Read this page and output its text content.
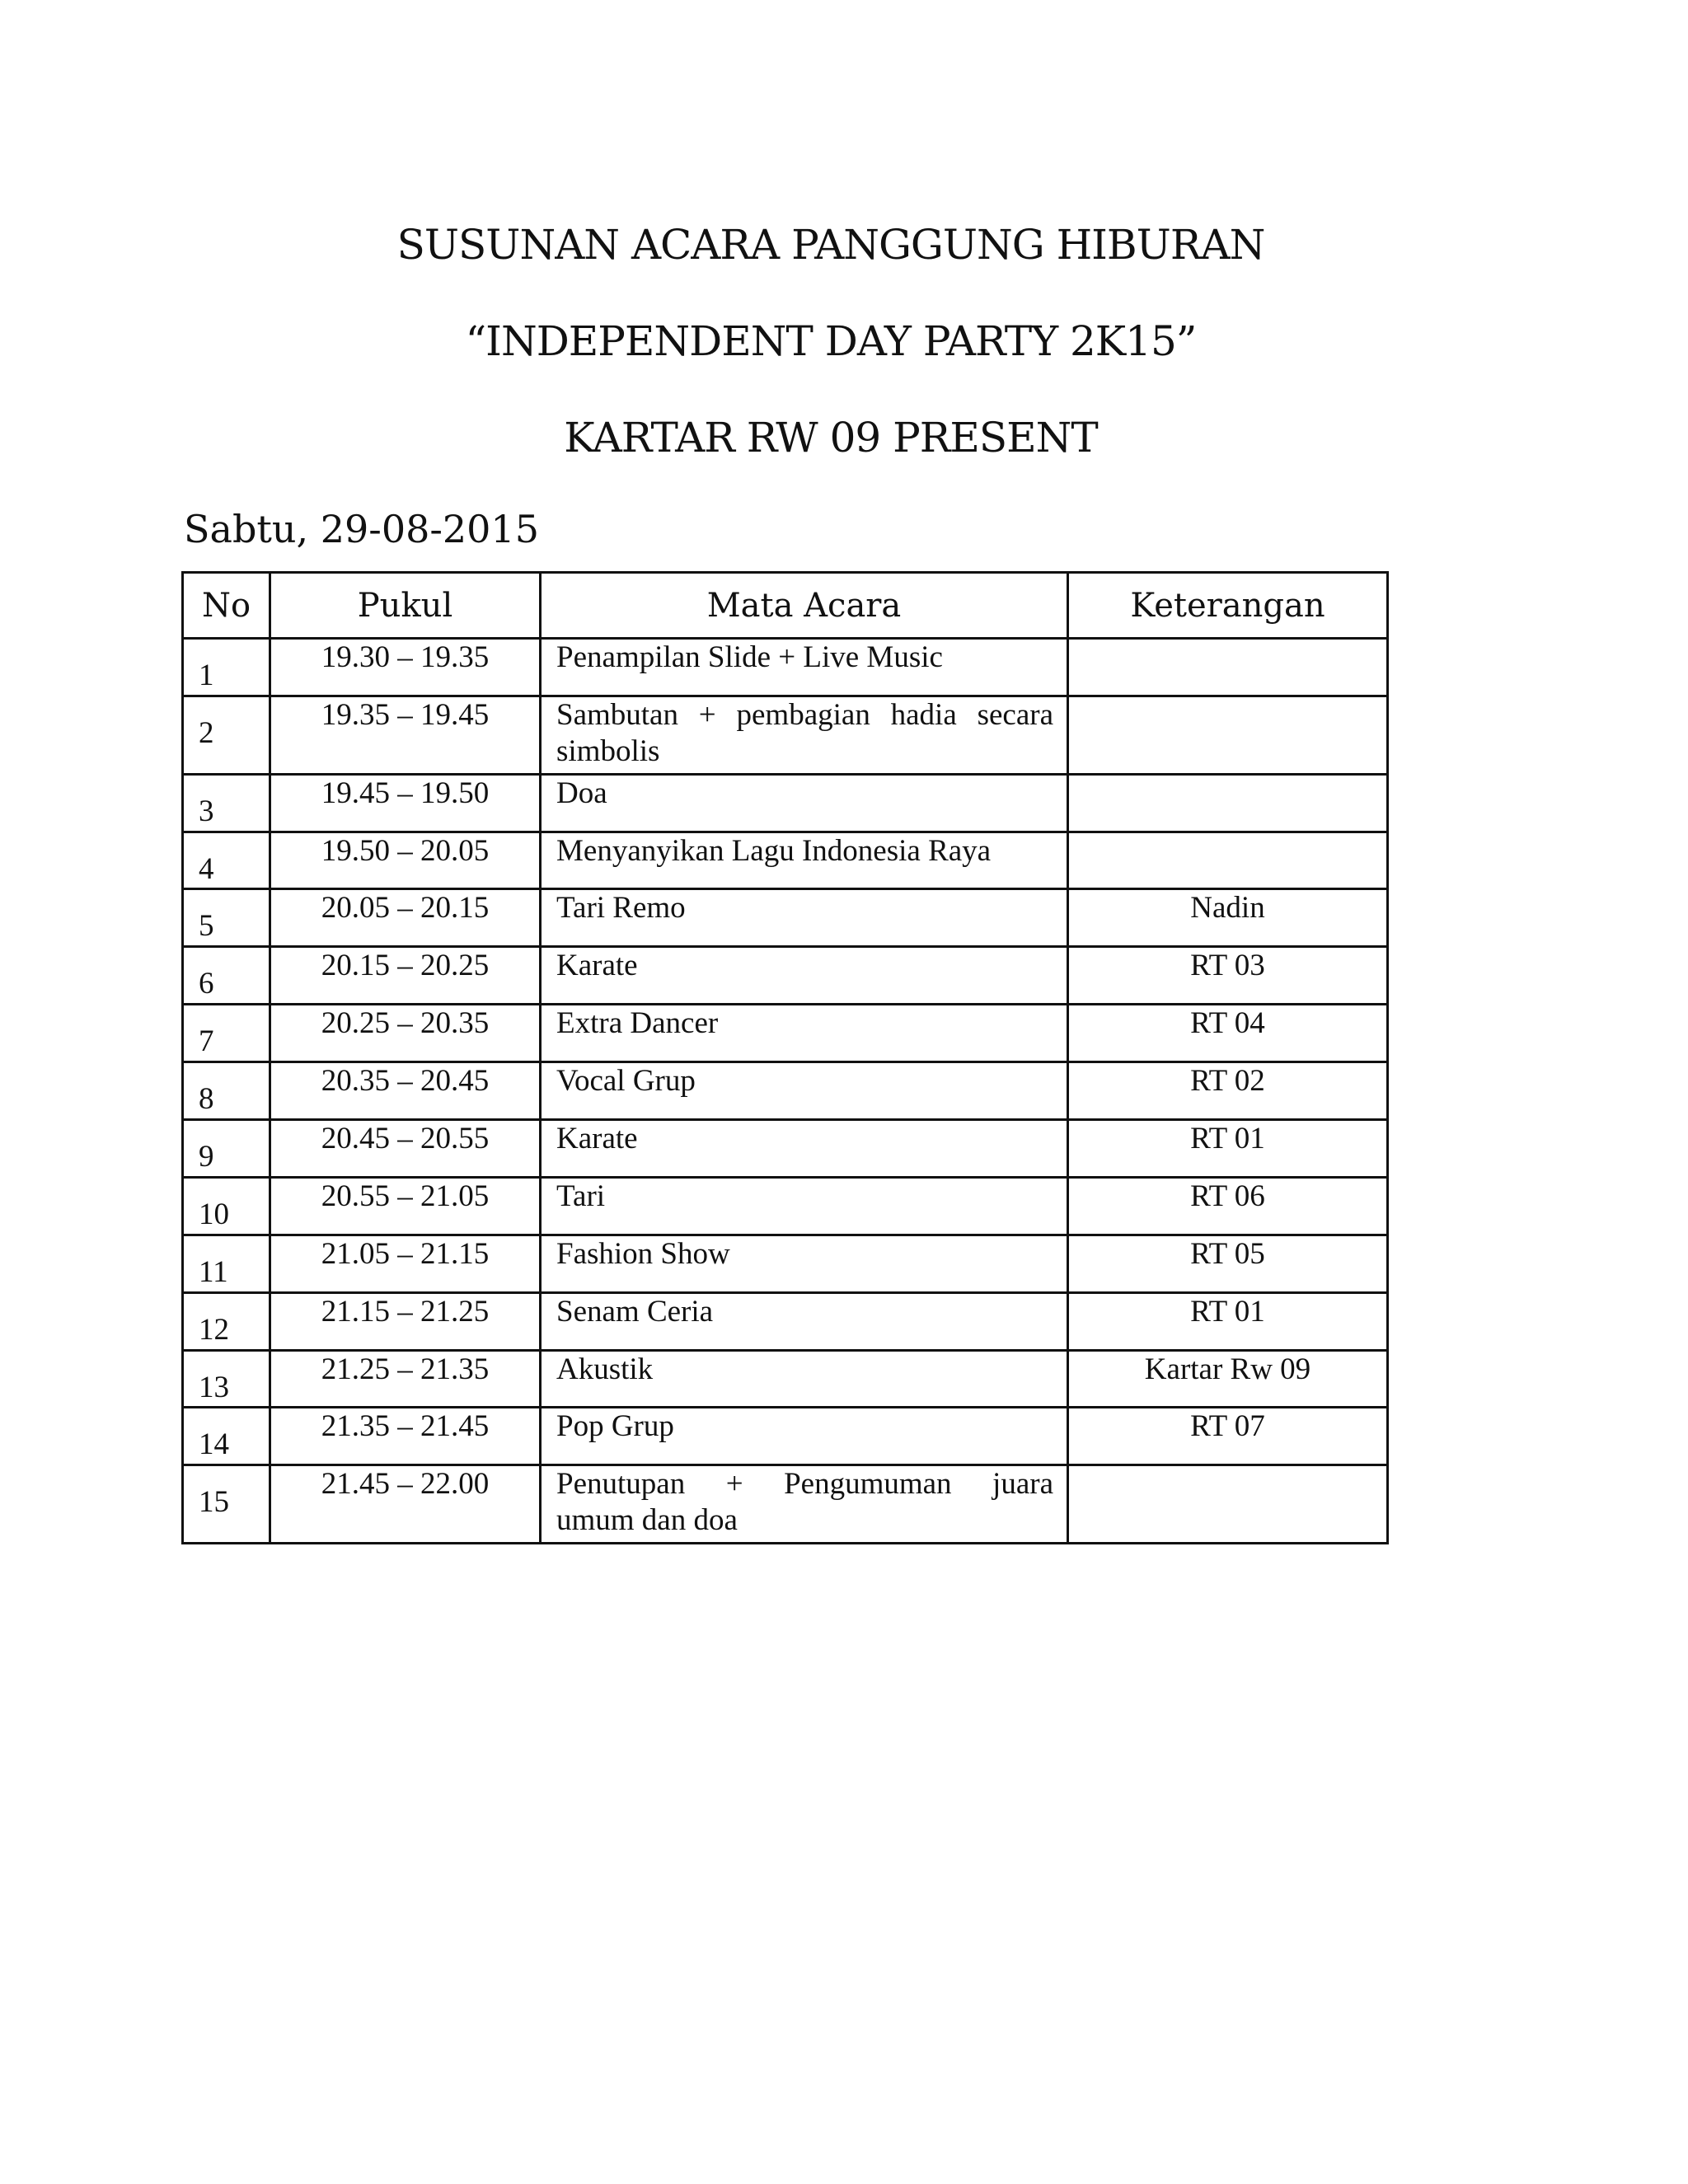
SUSUNAN ACARA PANGGUNG HIBURAN
“INDEPENDENT DAY PARTY 2K15”
KARTAR RW 09 PRESENT
Sabtu, 29-08-2015
No	Pukul	Mata Acara	Keterangan
1	19.30 – 19.35	Penampilan Slide + Live Music	

2	19.35 – 19.45	Sambutan + pembagian hadia secara
simbolis	

3	19.45 – 19.50	Doa	

4	19.50 – 20.05	Menyanyikan Lagu Indonesia Raya	

5	20.05 – 20.15	Tari Remo	Nadin
6	20.15 – 20.25	Karate	RT 03
7	20.25 – 20.35	Extra Dancer	RT 04
8	20.35 – 20.45	Vocal Grup	RT 02
9	20.45 – 20.55	Karate	RT 01
10	20.55 – 21.05	Tari	RT 06
11	21.05 – 21.15	Fashion Show	RT 05
12	21.15 – 21.25	Senam Ceria	RT 01
13	21.25 – 21.35	Akustik	Kartar Rw 09
14	21.35 – 21.45	Pop Grup	RT 07
15	21.45 – 22.00	Penutupan + Pengumuman juara
umum dan doa	
